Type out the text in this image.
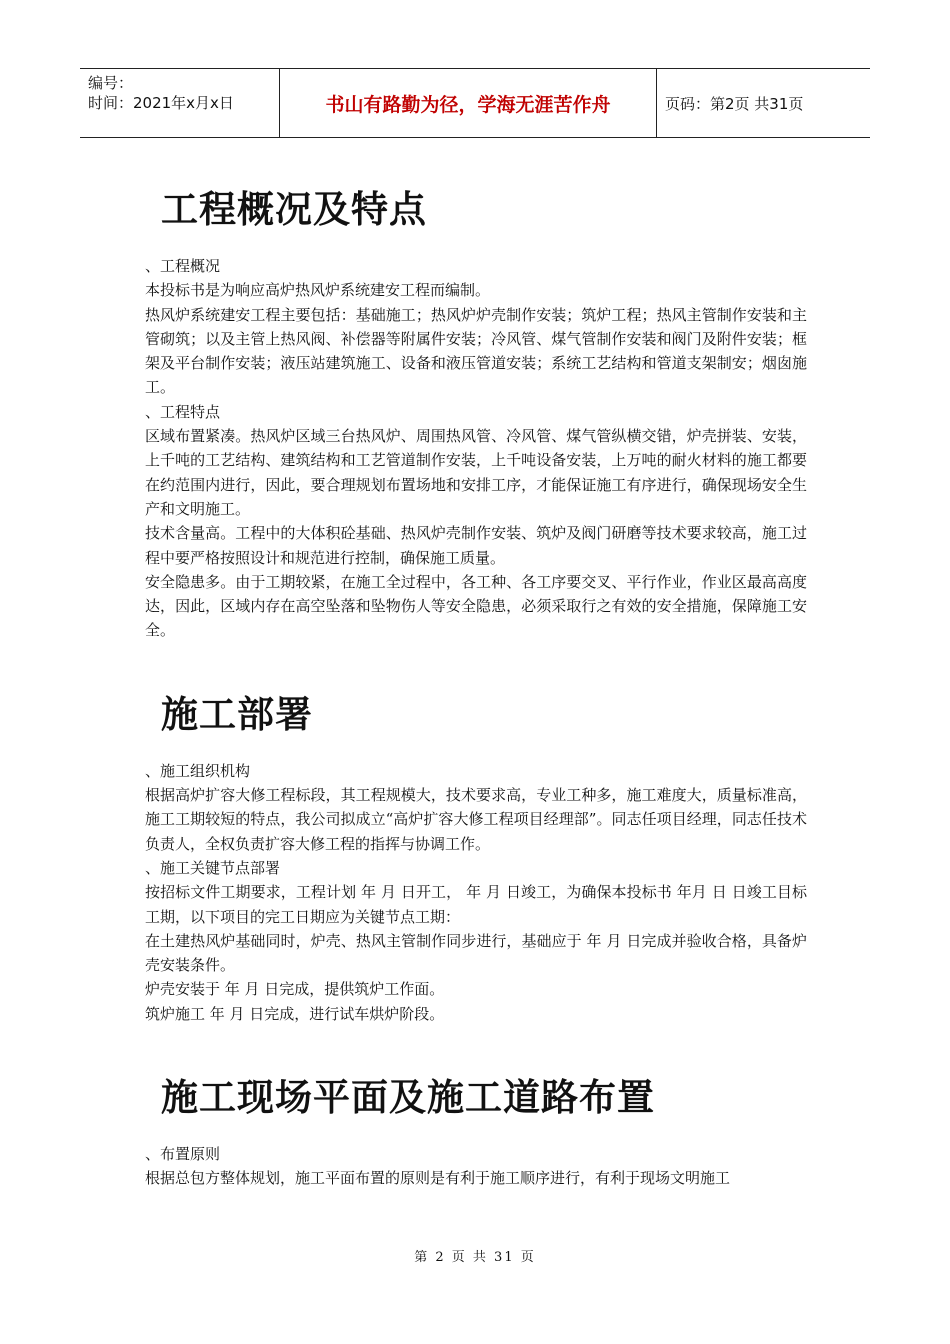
编号：
时间：2021年x月x日	书山有路勤为径，学海无涯苦作舟	页码：第2页 共31页
工程概况及特点

、工程概况

本投标书是为响应高炉热风炉系统建安工程而编制。

热风炉系统建安工程主要包括：基础施工；热风炉炉壳制作安装；筑炉工程；热风主管制作安装和主管砌筑；以及主管上热风阀、补偿器等附属件安装；冷风管、煤气管制作安装和阀门及附件安装；框架及平台制作安装；液压站建筑施工、设备和液压管道安装；系统工艺结构和管道支架制安；烟囱施工。

、工程特点

区域布置紧凑。热风炉区域三台热风炉、周围热风管、冷风管、煤气管纵横交错，炉壳拼装、安装，上千吨的工艺结构、建筑结构和工艺管道制作安装，上千吨设备安装，上万吨的耐火材料的施工都要在约范围内进行，因此，要合理规划布置场地和安排工序，才能保证施工有序进行，确保现场安全生产和文明施工。

技术含量高。工程中的大体积砼基础、热风炉壳制作安装、筑炉及阀门研磨等技术要求较高，施工过程中要严格按照设计和规范进行控制，确保施工质量。

安全隐患多。由于工期较紧，在施工全过程中，各工种、各工序要交叉、平行作业，作业区最高高度达，因此，区域内存在高空坠落和坠物伤人等安全隐患，必须采取行之有效的安全措施，保障施工安全。

施工部署

、施工组织机构

根据高炉扩容大修工程标段，其工程规模大，技术要求高，专业工种多，施工难度大，质量标准高，施工工期较短的特点，我公司拟成立“高炉扩容大修工程项目经理部”。同志任项目经理，同志任技术负责人，全权负责扩容大修工程的指挥与协调工作。

、施工关键节点部署

按招标文件工期要求，工程计划 年 月 日开工， 年 月 日竣工，为确保本投标书 年月 日 日竣工目标工期，以下项目的完工日期应为关键节点工期：

在土建热风炉基础同时，炉壳、热风主管制作同步进行，基础应于 年 月 日完成并验收合格，具备炉壳安装条件。

炉壳安装于 年 月 日完成，提供筑炉工作面。

筑炉施工 年 月 日完成，进行试车烘炉阶段。

施工现场平面及施工道路布置

、布置原则

根据总包方整体规划，施工平面布置的原则是有利于施工顺序进行，有利于现场文明施工

第 2 页 共 31 页
